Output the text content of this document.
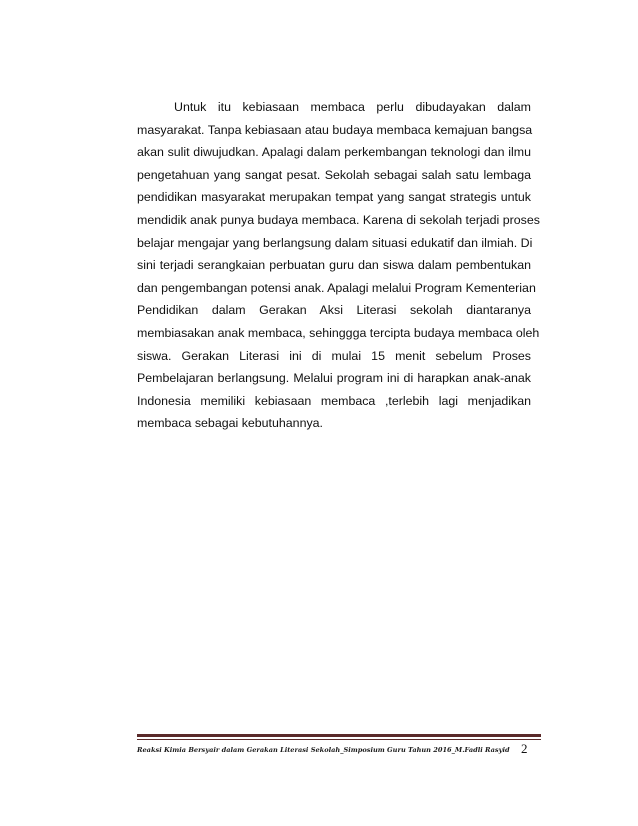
Untuk itu kebiasaan membaca perlu dibudayakan dalam
masyarakat. Tanpa kebiasaan atau budaya membaca kemajuan bangsa
akan sulit diwujudkan. Apalagi dalam perkembangan teknologi dan ilmu
pengetahuan yang sangat pesat. Sekolah sebagai salah satu lembaga
pendidikan masyarakat merupakan tempat yang sangat strategis untuk
mendidik anak punya budaya membaca. Karena di sekolah terjadi proses
belajar mengajar yang berlangsung dalam situasi edukatif dan ilmiah. Di
sini terjadi serangkaian perbuatan guru dan siswa dalam pembentukan
dan pengembangan potensi anak. Apalagi melalui Program Kementerian
Pendidikan dalam Gerakan Aksi Literasi sekolah diantaranya
membiasakan anak membaca, sehinggga tercipta budaya membaca oleh
siswa. Gerakan Literasi ini di mulai 15 menit sebelum Proses
Pembelajaran berlangsung. Melalui program ini di harapkan anak-anak
Indonesia memiliki kebiasaan membaca ,terlebih lagi menjadikan
membaca sebagai kebutuhannya.
Reaksi Kimia Bersyair dalam Gerakan Literasi Sekolah_Simposium Guru Tahun 2016_M.Fadli Rasyid 2
